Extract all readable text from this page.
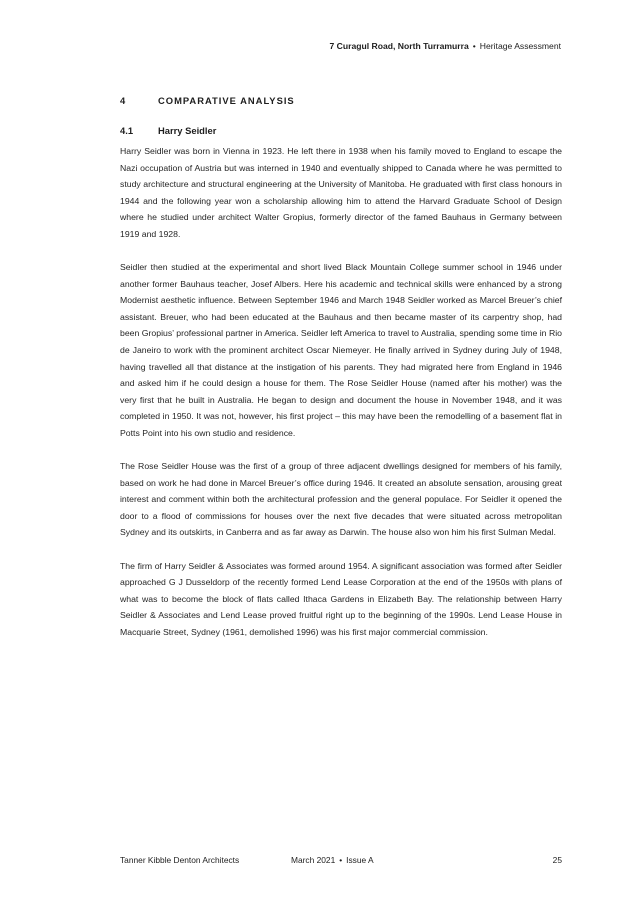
7 Curagul Road, North Turramurra • Heritage Assessment
4	COMPARATIVE ANALYSIS
4.1	Harry Seidler

Harry Seidler was born in Vienna in 1923. He left there in 1938 when his family moved to England to escape the Nazi occupation of Austria but was interned in 1940 and eventually shipped to Canada where he was permitted to study architecture and structural engineering at the University of Manitoba. He graduated with first class honours in 1944 and the following year won a scholarship allowing him to attend the Harvard Graduate School of Design where he studied under architect Walter Gropius, formerly director of the famed Bauhaus in Germany between 1919 and 1928.

Seidler then studied at the experimental and short lived Black Mountain College summer school in 1946 under another former Bauhaus teacher, Josef Albers. Here his academic and technical skills were enhanced by a strong Modernist aesthetic influence. Between September 1946 and March 1948 Seidler worked as Marcel Breuer’s chief assistant. Breuer, who had been educated at the Bauhaus and then became master of its carpentry shop, had been Gropius’ professional partner in America. Seidler left America to travel to Australia, spending some time in Rio de Janeiro to work with the prominent architect Oscar Niemeyer. He finally arrived in Sydney during July of 1948, having travelled all that distance at the instigation of his parents. They had migrated here from England in 1946 and asked him if he could design a house for them. The Rose Seidler House (named after his mother) was the very first that he built in Australia. He began to design and document the house in November 1948, and it was completed in 1950. It was not, however, his first project – this may have been the remodelling of a basement flat in Potts Point into his own studio and residence.

The Rose Seidler House was the first of a group of three adjacent dwellings designed for members of his family, based on work he had done in Marcel Breuer’s office during 1946. It created an absolute sensation, arousing great interest and comment within both the architectural profession and the general populace. For Seidler it opened the door to a flood of commissions for houses over the next five decades that were situated across metropolitan Sydney and its outskirts, in Canberra and as far away as Darwin. The house also won him his first Sulman Medal.

The firm of Harry Seidler & Associates was formed around 1954. A significant association was formed after Seidler approached G J Dusseldorp of the recently formed Lend Lease Corporation at the end of the 1950s with plans of what was to become the block of flats called Ithaca Gardens in Elizabeth Bay. The relationship between Harry Seidler & Associates and Lend Lease proved fruitful right up to the beginning of the 1990s. Lend Lease House in Macquarie Street, Sydney (1961, demolished 1996) was his first major commercial commission.

Tanner Kibble Denton Architects	March 2021 • Issue A	25
